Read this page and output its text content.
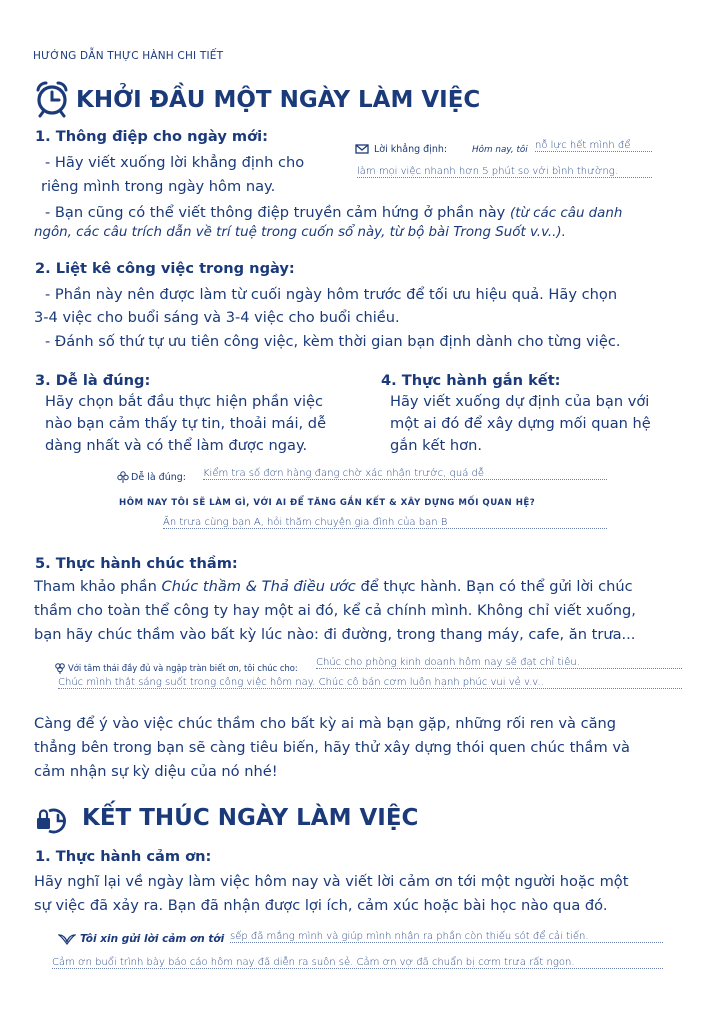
HƯỚNG DẪN THỰC HÀNH CHI TIẾT
KHỞI ĐẦU MỘT NGÀY LÀM VIỆC
1. Thông điệp cho ngày mới:
- Hãy viết xuống lời khẳng định cho
riêng mình trong ngày hôm nay.
Lời khẳng định:	Hôm nay, tôi nỗ lực hết mình để
làm mọi việc nhanh hơn 5 phút so với bình thường.
- Bạn cũng có thể viết thông điệp truyền cảm hứng ở phần này (từ các câu danh
ngôn, các câu trích dẫn về trí tuệ trong cuốn sổ này, từ bộ bài Trong Suốt v.v..).
2. Liệt kê công việc trong ngày:
- Phần này nên được làm từ cuối ngày hôm trước để tối ưu hiệu quả. Hãy chọn
3-4 việc cho buổi sáng và 3-4 việc cho buổi chiều.
- Đánh số thứ tự ưu tiên công việc, kèm thời gian bạn định dành cho từng việc.
3. Dễ là đúng:
Hãy chọn bắt đầu thực hiện phần việc
nào bạn cảm thấy tự tin, thoải mái, dễ
dàng nhất và có thể làm được ngay.
4. Thực hành gắn kết:
Hãy viết xuống dự định của bạn với
một ai đó để xây dựng mối quan hệ
gắn kết hơn.
Dễ là đúng: Kiểm tra số đơn hàng đang chờ xác nhận trước, quá dễ
HÔM NAY TÔI SẼ LÀM GÌ, VỚI AI ĐỂ TĂNG GẮN KẾT & XÂY DỰNG MỐI QUAN HỆ?
Ăn trưa cùng bạn A, hỏi thăm chuyện gia đình của bạn B
5. Thực hành chúc thầm:
Tham khảo phần Chúc thầm & Thả điều ước để thực hành. Bạn có thể gửi lời chúc
thầm cho toàn thể công ty hay một ai đó, kể cả chính mình. Không chỉ viết xuống,
bạn hãy chúc thầm vào bất kỳ lúc nào: đi đường, trong thang máy, cafe, ăn trưa...
Với tâm thái đầy đủ và ngập tràn biết ơn, tôi chúc cho: Chúc cho phòng kinh doanh hôm nay sẽ đạt chỉ tiêu.
Chúc mình thật sáng suốt trong công việc hôm nay. Chúc cô bán cơm luôn hạnh phúc vui vẻ v.v..
Càng để ý vào việc chúc thầm cho bất kỳ ai mà bạn gặp, những rối ren và căng
thẳng bên trong bạn sẽ càng tiêu biến, hãy thử xây dựng thói quen chúc thầm và
cảm nhận sự kỳ diệu của nó nhé!
KẾT THÚC NGÀY LÀM VIỆC
1. Thực hành cảm ơn:
Hãy nghĩ lại về ngày làm việc hôm nay và viết lời cảm ơn tới một người hoặc một
sự việc đã xảy ra. Bạn đã nhận được lợi ích, cảm xúc hoặc bài học nào qua đó.
Tôi xin gửi lời cảm ơn tới sếp đã mắng mình và giúp mình nhận ra phần còn thiếu sót để cải tiến.
Cảm ơn buổi trình bày báo cáo hôm nay đã diễn ra suôn sẻ. Cảm ơn vợ đã chuẩn bị cơm trưa rất ngon.
